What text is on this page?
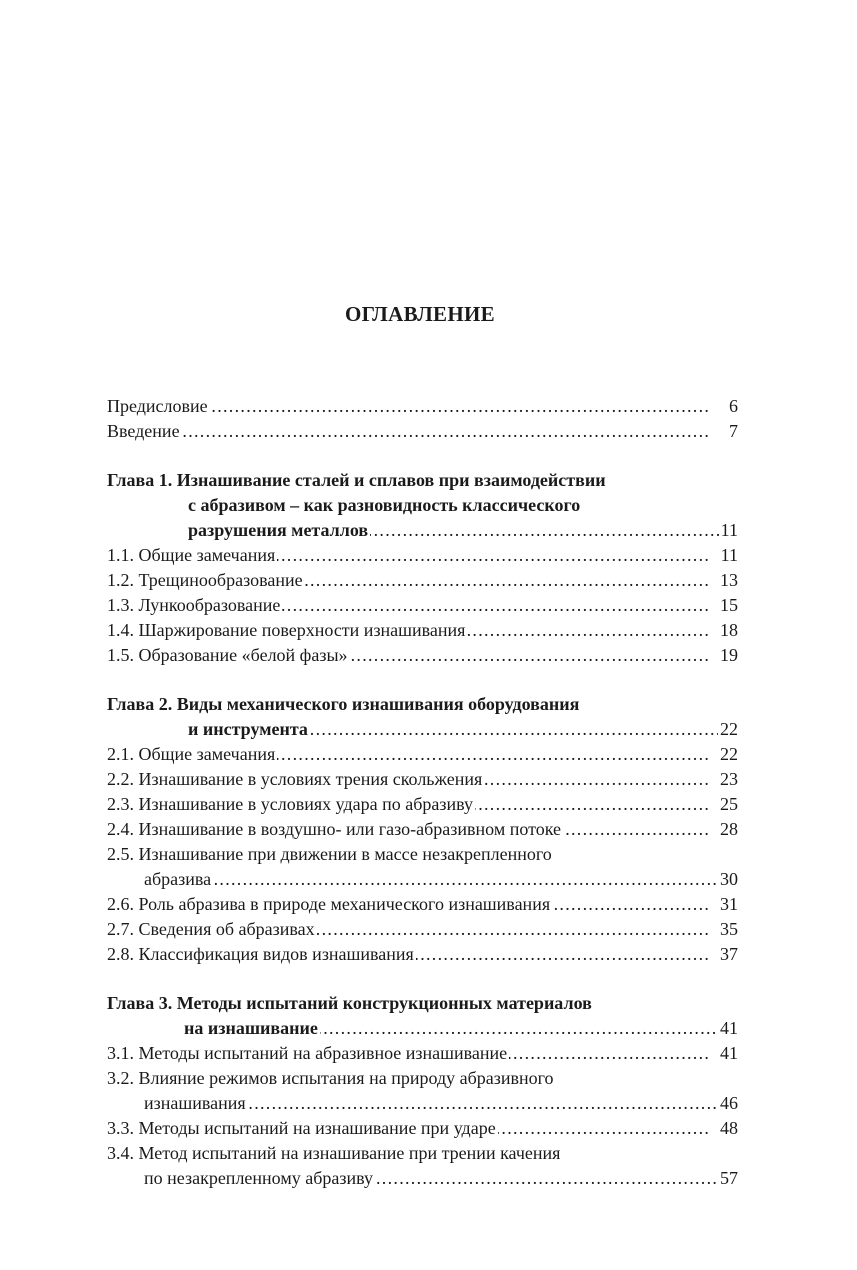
ОГЛАВЛЕНИЕ
Предисловие	6
. . .
Введение	7
. . .
Глава 1. Изнашивание сталей и сплавов при взаимодействии
с абразивом – как разновидность классического
разрушения металлов	11
. . .
1.1. Общие замечания	11
. . .
1.2. Трещинообразование	13
. . .
1.3. Лункообразование	15
. . .
1.4. Шаржирование поверхности изнашивания	18
. . .
1.5. Образование «белой фазы»	19
. . .
Глава 2. Виды механического изнашивания оборудования
и инструмента	22
. . .
2.1. Общие замечания	22
. . .
2.2. Изнашивание в условиях трения скольжения	23
. . .
2.3. Изнашивание в условиях удара по абразиву	25
. . .
2.4. Изнашивание в воздушно- или газо-абразивном потоке	28
. . .
2.5. Изнашивание при движении в массе незакрепленного
абразива	30
. . .
2.6. Роль абразива в природе механического изнашивания	31
. . .
2.7. Сведения об абразивах	35
. . .
2.8. Классификация видов изнашивания	37
. . .
Глава 3. Методы испытаний конструкционных материалов
на изнашивание	41
. . .
3.1. Методы испытаний на абразивное изнашивание	41
. . .
3.2. Влияние режимов испытания на природу абразивного
изнашивания	46
. . .
3.3. Методы испытаний на изнашивание при ударе	48
. . .
3.4. Метод испытаний на изнашивание при трении качения
по незакрепленному абразиву	57
. . .
